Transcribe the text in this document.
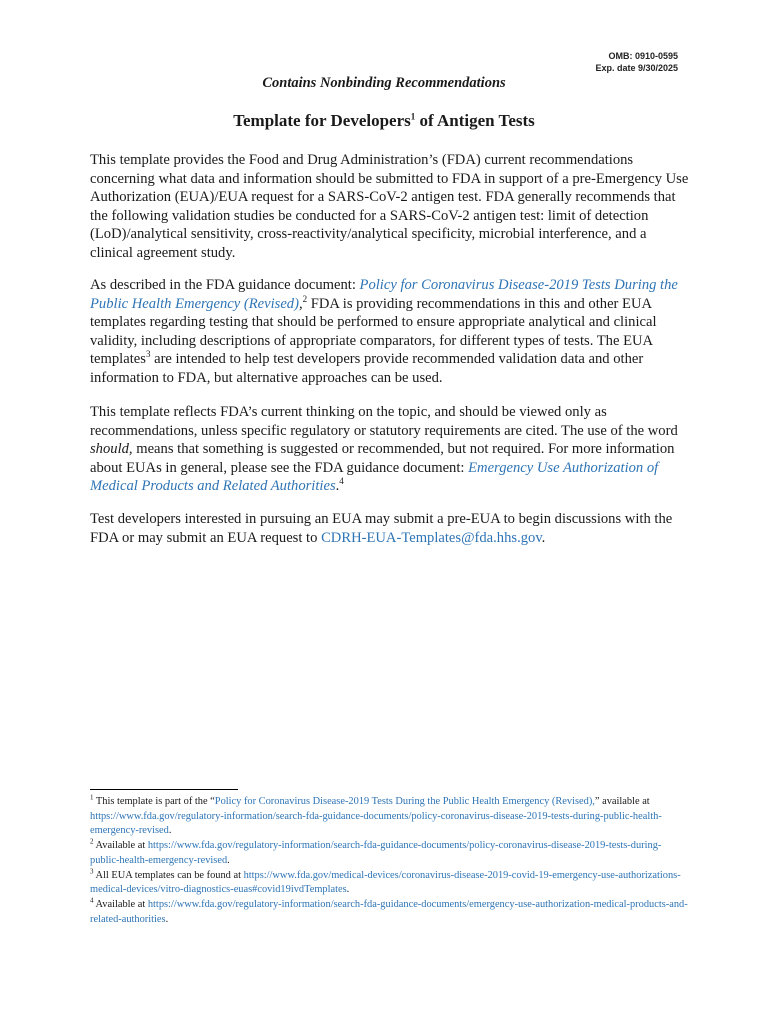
OMB: 0910-0595
Exp. date 9/30/2025
Contains Nonbinding Recommendations
Template for Developers$^1$ of Antigen Tests
This template provides the Food and Drug Administration’s (FDA) current recommendations concerning what data and information should be submitted to FDA in support of a pre-Emergency Use Authorization (EUA)/EUA request for a SARS-CoV-2 antigen test. FDA generally recommends that the following validation studies be conducted for a SARS-CoV-2 antigen test: limit of detection (LoD)/analytical sensitivity, cross-reactivity/analytical specificity, microbial interference, and a clinical agreement study.
As described in the FDA guidance document: Policy for Coronavirus Disease-2019 Tests During the Public Health Emergency (Revised),$^2$ FDA is providing recommendations in this and other EUA templates regarding testing that should be performed to ensure appropriate analytical and clinical validity, including descriptions of appropriate comparators, for different types of tests. The EUA templates$^3$ are intended to help test developers provide recommended validation data and other information to FDA, but alternative approaches can be used.
This template reflects FDA’s current thinking on the topic, and should be viewed only as recommendations, unless specific regulatory or statutory requirements are cited. The use of the word should, means that something is suggested or recommended, but not required. For more information about EUAs in general, please see the FDA guidance document: Emergency Use Authorization of Medical Products and Related Authorities.$^4$
Test developers interested in pursuing an EUA may submit a pre-EUA to begin discussions with the FDA or may submit an EUA request to CDRH-EUA-Templates@fda.hhs.gov.

$^1$ This template is part of the “Policy for Coronavirus Disease-2019 Tests During the Public Health Emergency (Revised),” available at https://www.fda.gov/regulatory-information/search-fda-guidance-documents/policy-coronavirus-disease-2019-tests-during-public-health-emergency-revised.

$^2$ Available at https://www.fda.gov/regulatory-information/search-fda-guidance-documents/policy-coronavirus-disease-2019-tests-during-public-health-emergency-revised.

$^3$ All EUA templates can be found at https://www.fda.gov/medical-devices/coronavirus-disease-2019-covid-19-emergency-use-authorizations-medical-devices/vitro-diagnostics-euas#covid19ivdTemplates.

$^4$ Available at https://www.fda.gov/regulatory-information/search-fda-guidance-documents/emergency-use-authorization-medical-products-and-related-authorities.
